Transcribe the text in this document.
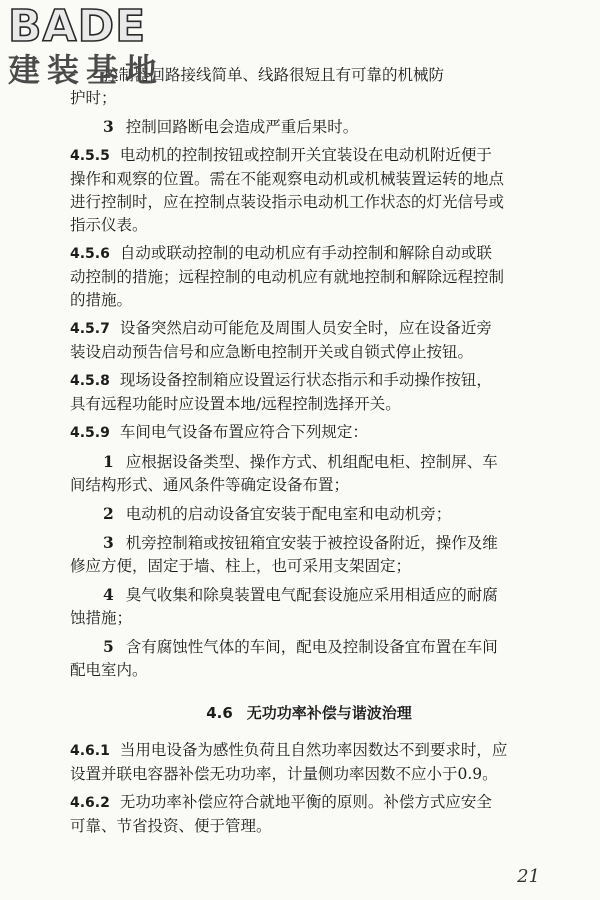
BADE
建装基地
控制器回路接线简单、线路很短且有可靠的机械防
护时；
3 控制回路断电会造成严重后果时。
4.5.5 电动机的控制按钮或控制开关宜装设在电动机附近便于
操作和观察的位置。需在不能观察电动机或机械装置运转的地点
进行控制时，应在控制点装设指示电动机工作状态的灯光信号或
指示仪表。
4.5.6 自动或联动控制的电动机应有手动控制和解除自动或联
动控制的措施；远程控制的电动机应有就地控制和解除远程控制
的措施。
4.5.7 设备突然启动可能危及周围人员安全时，应在设备近旁
装设启动预告信号和应急断电控制开关或自锁式停止按钮。
4.5.8 现场设备控制箱应设置运行状态指示和手动操作按钮，
具有远程功能时应设置本地/远程控制选择开关。
4.5.9 车间电气设备布置应符合下列规定：
1 应根据设备类型、操作方式、机组配电柜、控制屏、车
间结构形式、通风条件等确定设备布置；
2 电动机的启动设备宜安装于配电室和电动机旁；
3 机旁控制箱或按钮箱宜安装于被控设备附近，操作及维
修应方便，固定于墙、柱上，也可采用支架固定；
4 臭气收集和除臭装置电气配套设施应采用相适应的耐腐
蚀措施；
5 含有腐蚀性气体的车间，配电及控制设备宜布置在车间
配电室内。
4.6 无功功率补偿与谐波治理
4.6.1 当用电设备为感性负荷且自然功率因数达不到要求时，应
设置并联电容器补偿无功功率，计量侧功率因数不应小于0.9。
4.6.2 无功功率补偿应符合就地平衡的原则。补偿方式应安全
可靠、节省投资、便于管理。
21
